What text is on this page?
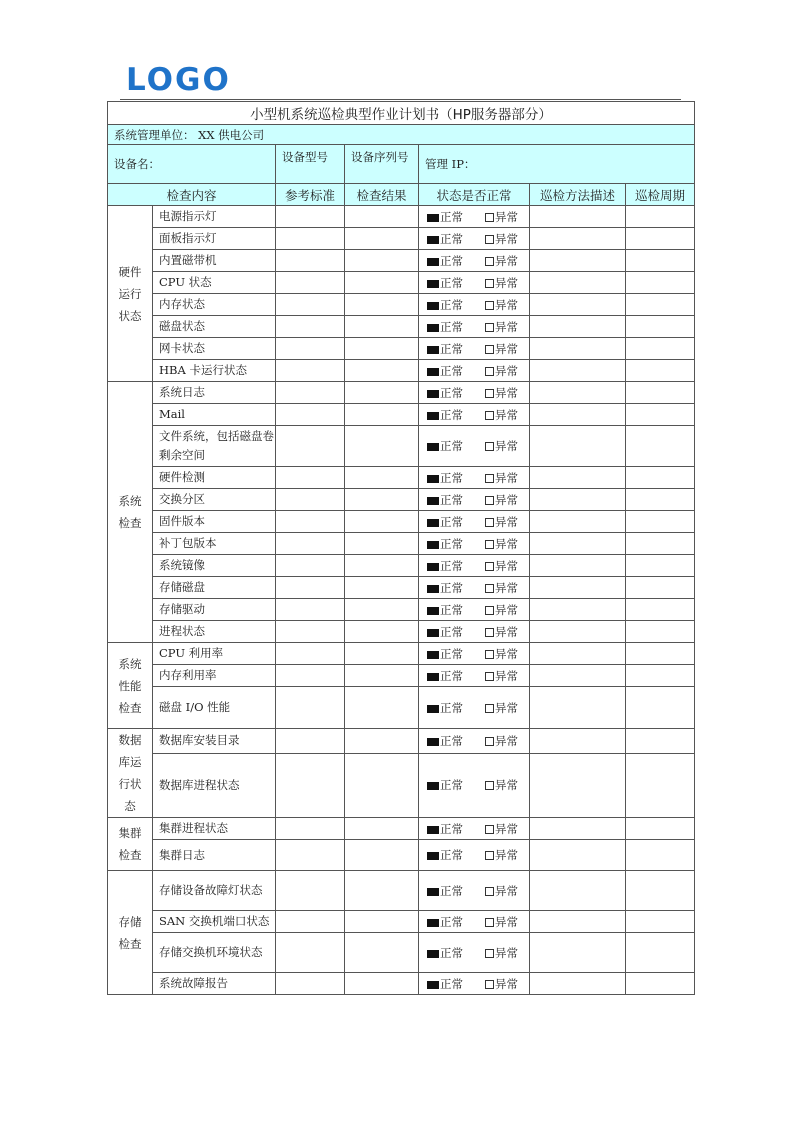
LOGO
小型机系统巡检典型作业计划书（HP服务器部分）						
系统管理单位： XX 供电公司						
设备名：		设备型号	设备序列号	管理 IP：		
检查内容		参考标准	检查结果	状态是否正常	巡检方法描述	巡检周期
硬件
运行
状态	电源指示灯			正常 异常		
	面板指示灯			正常 异常		
	内置磁带机			正常 异常		
	CPU 状态			正常 异常		
	内存状态			正常 异常		
	磁盘状态			正常 异常		
	网卡状态			正常 异常		
	HBA 卡运行状态			正常 异常		
系统
检查	系统日志			正常 异常		
	Mail			正常 异常		
	文件系统，包括磁盘卷剩余空间			正常 异常		
	硬件检测			正常 异常		
	交换分区			正常 异常		
	固件版本			正常 异常		
	补丁包版本			正常 异常		
	系统镜像			正常 异常		
	存储磁盘			正常 异常		
	存储驱动			正常 异常		
	进程状态			正常 异常		
系统
性能
检查	CPU 利用率			正常 异常		
	内存利用率			正常 异常		
	磁盘 I/O 性能			正常 异常		
数据
库运
行状
态	数据库安装目录			正常 异常		
	数据库进程状态			正常 异常		
集群
检查	集群进程状态			正常 异常		
	集群日志			正常 异常		
存储
检查	存储设备故障灯状态			正常 异常		
	SAN 交换机端口状态			正常 异常		
	存储交换机环境状态			正常 异常		
	系统故障报告			正常 异常		
